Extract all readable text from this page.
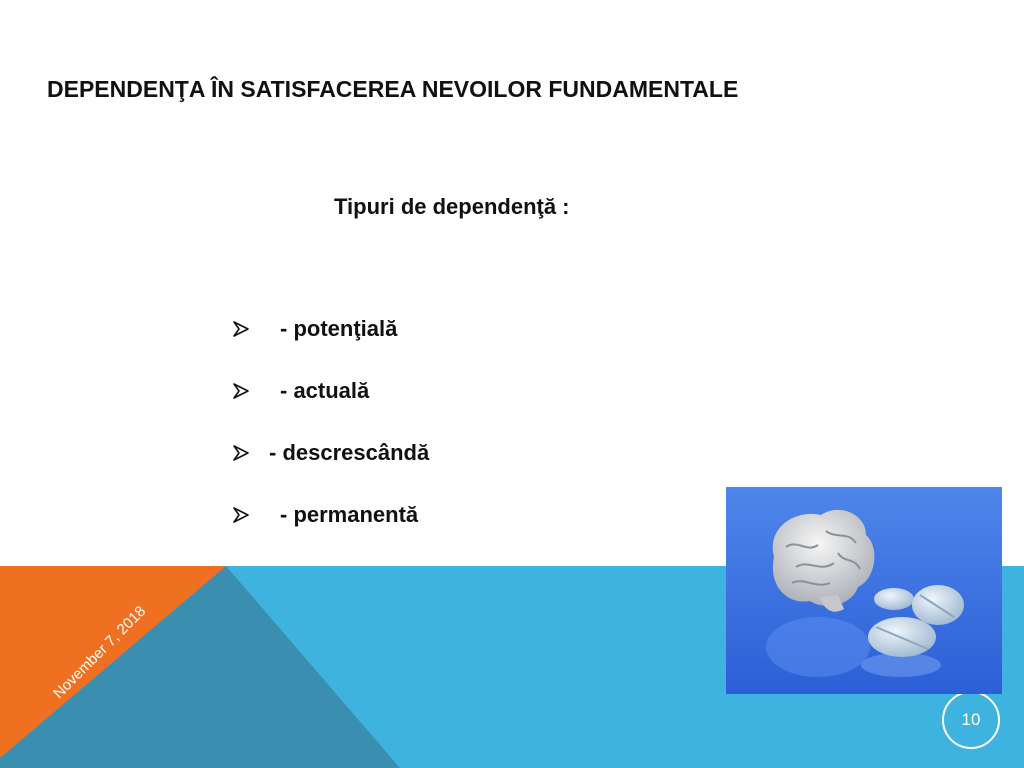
DEPENDENŢA ÎN SATISFACEREA NEVOILOR FUNDAMENTALE
Tipuri de dependenţă :
- potenţială
- actuală
- descrescândă
- permanentă
November 7, 2018
10
